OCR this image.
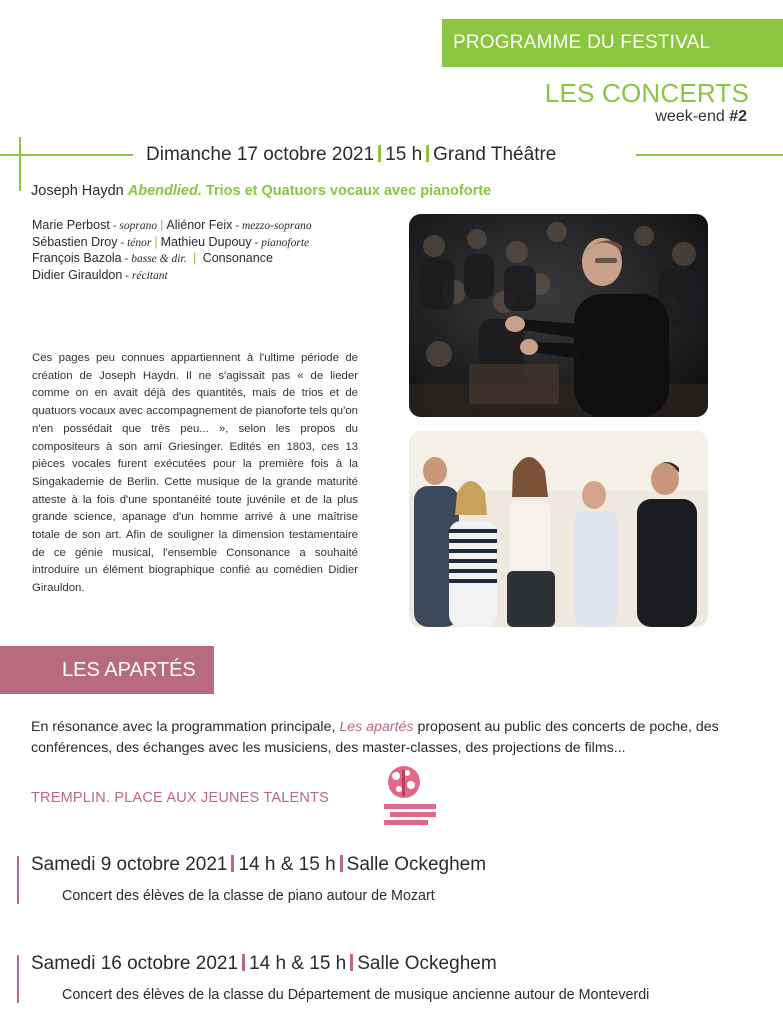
PROGRAMME DU FESTIVAL
LES CONCERTS
week-end #2
Dimanche 17 octobre 2021 15 h Grand Théâtre
Joseph Haydn Abendlied. Trios et Quatuors vocaux avec pianoforte
Marie Perbost - soprano | Aliénor Feix - mezzo-soprano
Sébastien Droy - ténor | Mathieu Dupouy - pianoforte
François Bazola - basse & dir. | Consonance
Didier Girauldon - récitant
Ces pages peu connues appartiennent à l'ultime période de création de Joseph Haydn. Il ne s'agissait pas « de lieder comme on en avait déjà des quantités, mais de trios et de quatuors vocaux avec accompagnement de pianoforte tels qu'on n'en possédait que très peu... », selon les propos du compositeurs à son ami Griesinger. Edités en 1803, ces 13 pièces vocales furent exécutées pour la première fois à la Singakademie de Berlin. Cette musique de la grande maturité atteste à la fois d'une spontanéité toute juvénile et de la plus grande science, apanage d'un homme arrivé à une maîtrise totale de son art. Afin de souligner la dimension testamentaire de ce génie musical, l'ensemble Consonance a souhaité introduire un élément biographique confié au comédien Didier Girauldon.
LES APARTÉS
En résonance avec la programmation principale, Les apartés proposent au public des concerts de poche, des conférences, des échanges avec les musiciens, des master-classes, des projections de films...
TREMPLIN. PLACE AUX JEUNES TALENTS
Samedi 9 octobre 2021 14 h & 15 h Salle Ockeghem
Concert des élèves de la classe de piano autour de Mozart
Samedi 16 octobre 2021 14 h & 15 h Salle Ockeghem
Concert des élèves de la classe du Département de musique ancienne autour de Monteverdi
